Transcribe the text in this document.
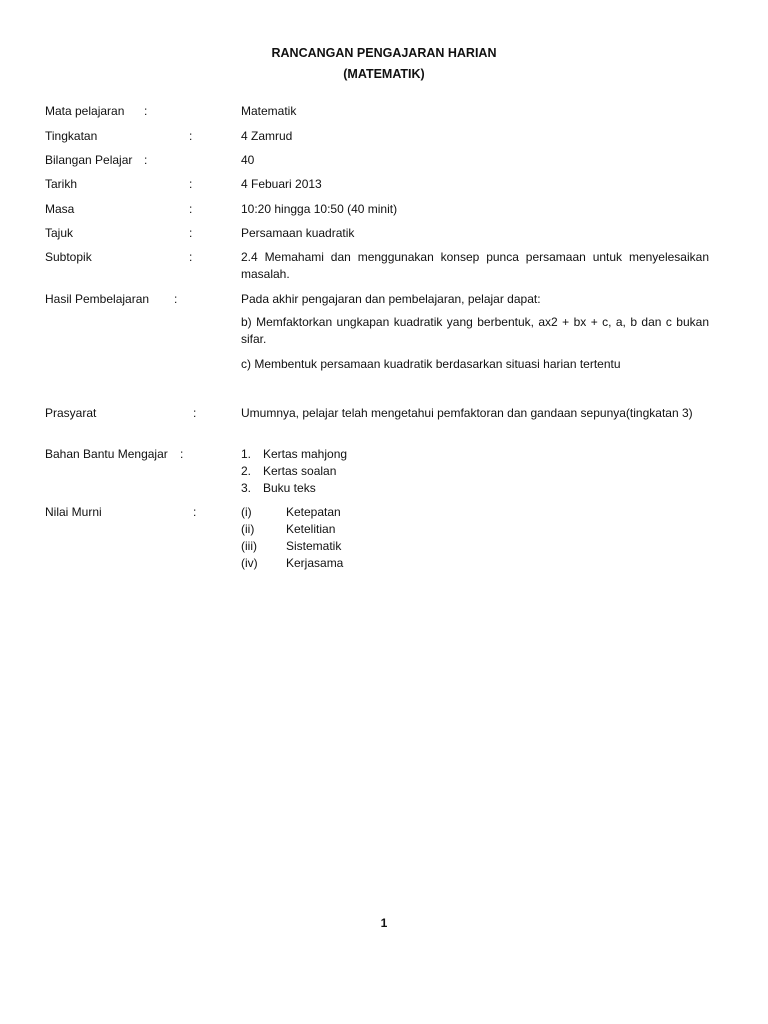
RANCANGAN PENGAJARAN HARIAN
(MATEMATIK)
Mata pelajaran :	Matematik
Tingkatan	:	4 Zamrud
Bilangan Pelajar :	40
Tarikh	:	4 Febuari 2013
Masa	:	10:20 hingga 10:50 (40 minit)
Tajuk	:	Persamaan kuadratik
Subtopik	:	2.4 Memahami dan menggunakan konsep punca persamaan untuk menyelesaikan masalah.
Hasil Pembelajaran :	Pada akhir pengajaran dan pembelajaran, pelajar dapat:

b) Memfaktorkan ungkapan kuadratik yang berbentuk, ax2 + bx + c, a, b dan c bukan sifar.

c) Membentuk persamaan kuadratik berdasarkan situasi harian tertentu

Prasyarat	:	Umumnya, pelajar telah mengetahui pemfaktoran dan gandaan sepunya(tingkatan 3)
Bahan Bantu Mengajar :	1. Kertas mahjong
2. Kertas soalan
3. Buku teks
Nilai Murni	:	(i)	Ketepatan
(ii)	Ketelitian
(iii) Sistematik
(iv) Kerjasama
1
